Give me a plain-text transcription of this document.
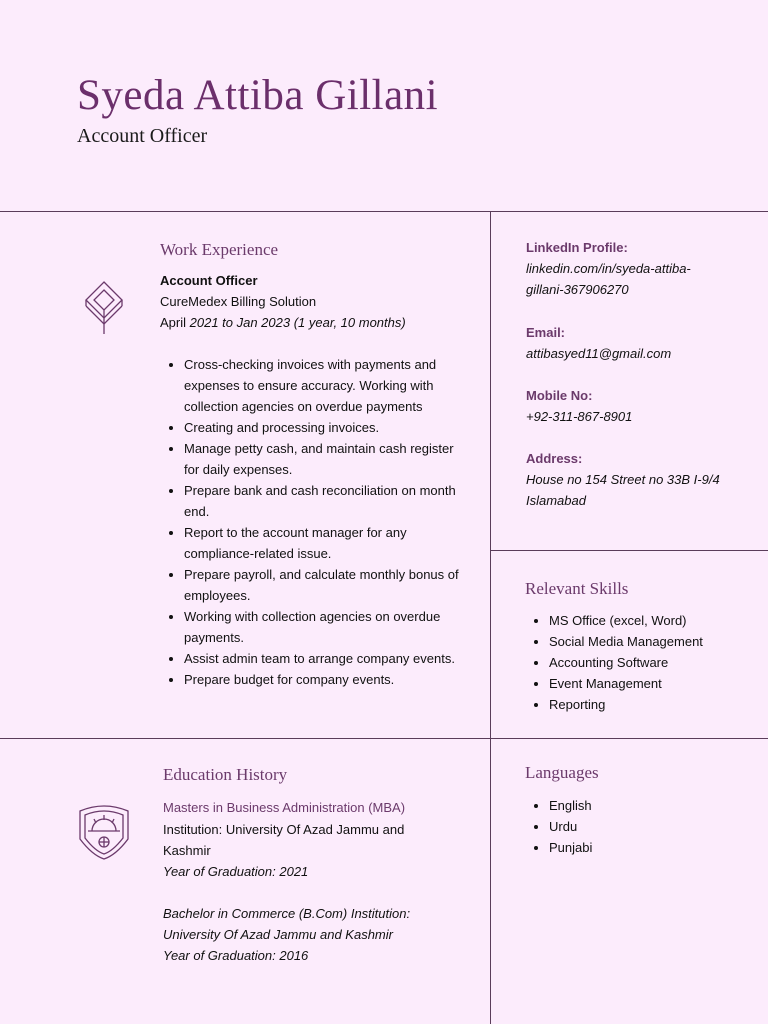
Syeda Attiba Gillani
Account Officer
Work Experience
Account Officer
CureMedex Billing Solution
April 2021 to Jan 2023 (1 year, 10 months)
Cross-checking invoices with payments and expenses to ensure accuracy. Working with collection agencies on overdue payments
Creating and processing invoices.
Manage petty cash, and maintain cash register for daily expenses.
Prepare bank and cash reconciliation on month end.
Report to the account manager for any compliance-related issue.
Prepare payroll, and calculate monthly bonus of employees.
Working with collection agencies on overdue payments.
Assist admin team to arrange company events.
Prepare budget for company events.
LinkedIn Profile:
linkedin.com/in/syeda-attiba-gillani-367906270
Email:
attibasyed11@gmail.com
Mobile No:
+92-311-867-8901
Address:
House no 154 Street no 33B I-9/4 Islamabad
Relevant Skills
MS Office (excel, Word)
Social Media Management
Accounting Software
Event Management
Reporting
Education History
Masters in Business Administration (MBA)
Institution: University Of Azad Jammu and Kashmir
Year of Graduation: 2021
Bachelor in Commerce (B.Com) Institution: University Of Azad Jammu and Kashmir
Year of Graduation: 2016
Languages
English
Urdu
Punjabi
